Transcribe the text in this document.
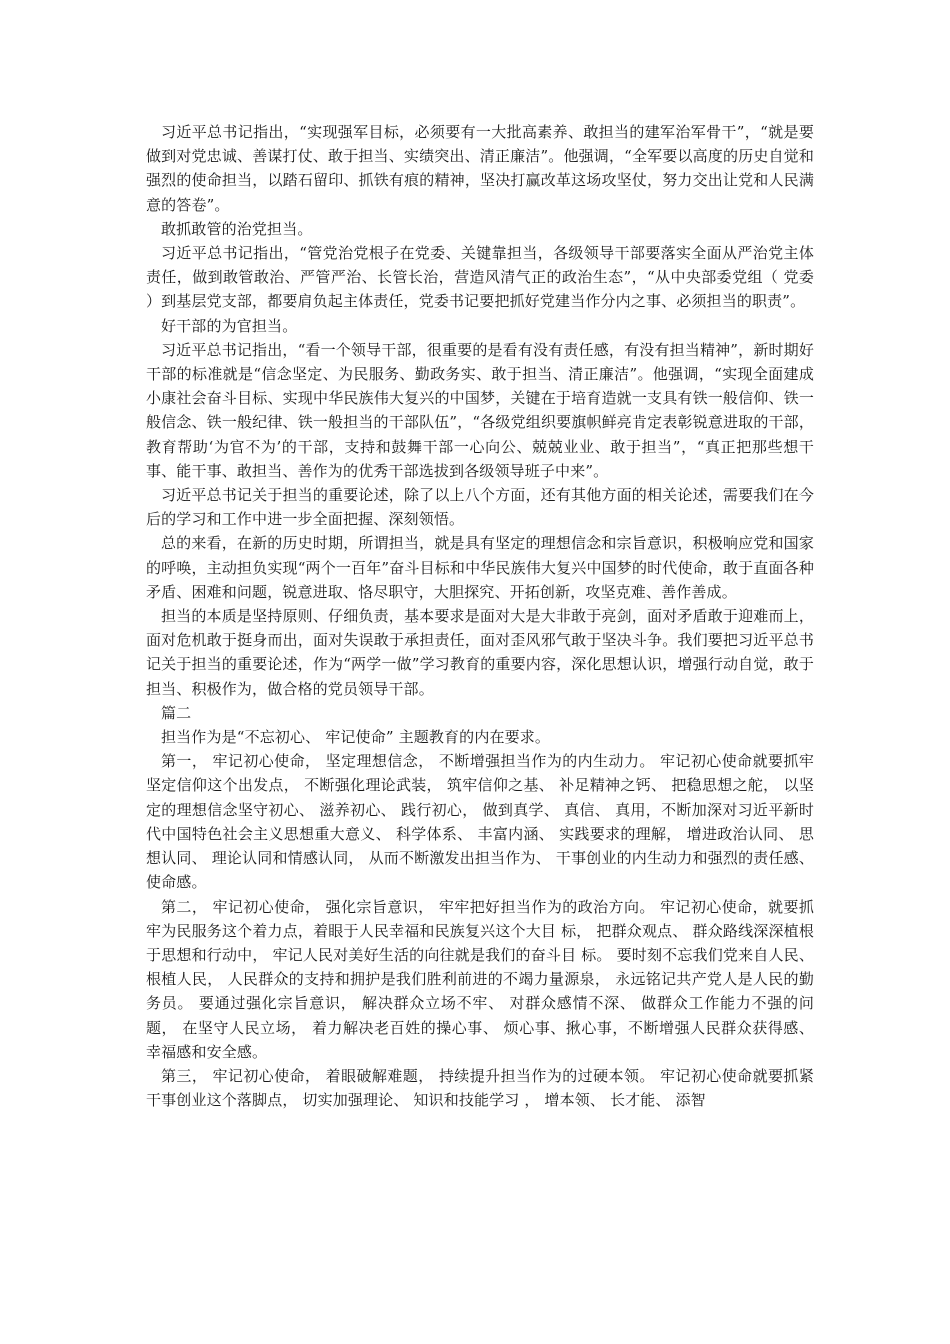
习近平总书记指出，“实现强军目标，必须要有一大批高素养、敢担当的建军治军骨干”，“就是要做到对党忠诚、善谋打仗、敢于担当、实绩突出、清正廉洁”。他强调，“全军要以高度的历史自觉和强烈的使命担当，以踏石留印、抓铁有痕的精神，坚决打赢改革这场攻坚仗，努力交出让党和人民满意的答卷”。

敢抓敢管的治党担当。

习近平总书记指出，“管党治党根子在党委、关键靠担当，各级领导干部要落实全面从严治党主体责任，做到敢管敢治、严管严治、长管长治，营造风清气正的政治生态”，“从中央部委党组（ 党委 ）到基层党支部，都要肩负起主体责任，党委书记要把抓好党建当作分内之事、必须担当的职责”。

好干部的为官担当。

习近平总书记指出，“看一个领导干部，很重要的是看有没有责任感，有没有担当精神”，新时期好干部的标准就是“信念坚定、为民服务、勤政务实、敢于担当、清正廉洁”。他强调，“实现全面建成小康社会奋斗目标、实现中华民族伟大复兴的中国梦，关键在于培育造就一支具有铁一般信仰、铁一般信念、铁一般纪律、铁一般担当的干部队伍”，“各级党组织要旗帜鲜亮肯定表彰锐意进取的干部，教育帮助‘为官不为’的干部，支持和鼓舞干部一心向公、兢兢业业、敢于担当”，“真正把那些想干事、能干事、敢担当、善作为的优秀干部选拔到各级领导班子中来”。

习近平总书记关于担当的重要论述，除了以上八个方面，还有其他方面的相关论述，需要我们在今后的学习和工作中进一步全面把握、深刻领悟。

总的来看，在新的历史时期，所谓担当，就是具有坚定的理想信念和宗旨意识，积极响应党和国家的呼唤，主动担负实现“两个一百年”奋斗目标和中华民族伟大复兴中国梦的时代使命，敢于直面各种矛盾、困难和问题，锐意进取、恪尽职守，大胆探究、开拓创新，攻坚克难、善作善成。

担当的本质是坚持原则、仔细负责，基本要求是面对大是大非敢于亮剑，面对矛盾敢于迎难而上，面对危机敢于挺身而出，面对失误敢于承担责任，面对歪风邪气敢于坚决斗争。我们要把习近平总书记关于担当的重要论述，作为“两学一做”学习教育的重要内容，深化思想认识，增强行动自觉，敢于担当、积极作为，做合格的党员领导干部。

篇二

担当作为是“不忘初心、 牢记使命” 主题教育的内在要求。

第一， 牢记初心使命， 坚定理想信念， 不断增强担当作为的内生动力。 牢记初心使命就要抓牢坚定信仰这个出发点， 不断强化理论武装， 筑牢信仰之基、 补足精神之钙、 把稳思想之舵， 以坚定的理想信念坚守初心、 滋养初心、 践行初心， 做到真学、 真信、 真用，不断加深对习近平新时代中国特色社会主义思想重大意义、 科学体系、 丰富内涵、 实践要求的理解， 增进政治认同、 思想认同、 理论认同和情感认同， 从而不断激发出担当作为、 干事创业的内生动力和强烈的责任感、 使命感。

第二， 牢记初心使命， 强化宗旨意识， 牢牢把好担当作为的政治方向。 牢记初心使命，就要抓牢为民服务这个着力点，着眼于人民幸福和民族复兴这个大目 标， 把群众观点、 群众路线深深植根于思想和行动中， 牢记人民对美好生活的向往就是我们的奋斗目 标。 要时刻不忘我们党来自人民、 根植人民， 人民群众的支持和拥护是我们胜利前进的不竭力量源泉， 永远铭记共产党人是人民的勤务员。 要通过强化宗旨意识， 解决群众立场不牢、 对群众感情不深、 做群众工作能力不强的问题， 在坚守人民立场， 着力解决老百姓的操心事、 烦心事、揪心事，不断增强人民群众获得感、 幸福感和安全感。

第三， 牢记初心使命， 着眼破解难题， 持续提升担当作为的过硬本领。 牢记初心使命就要抓紧干事创业这个落脚点， 切实加强理论、 知识和技能学习 ， 增本领、 长才能、 添智
